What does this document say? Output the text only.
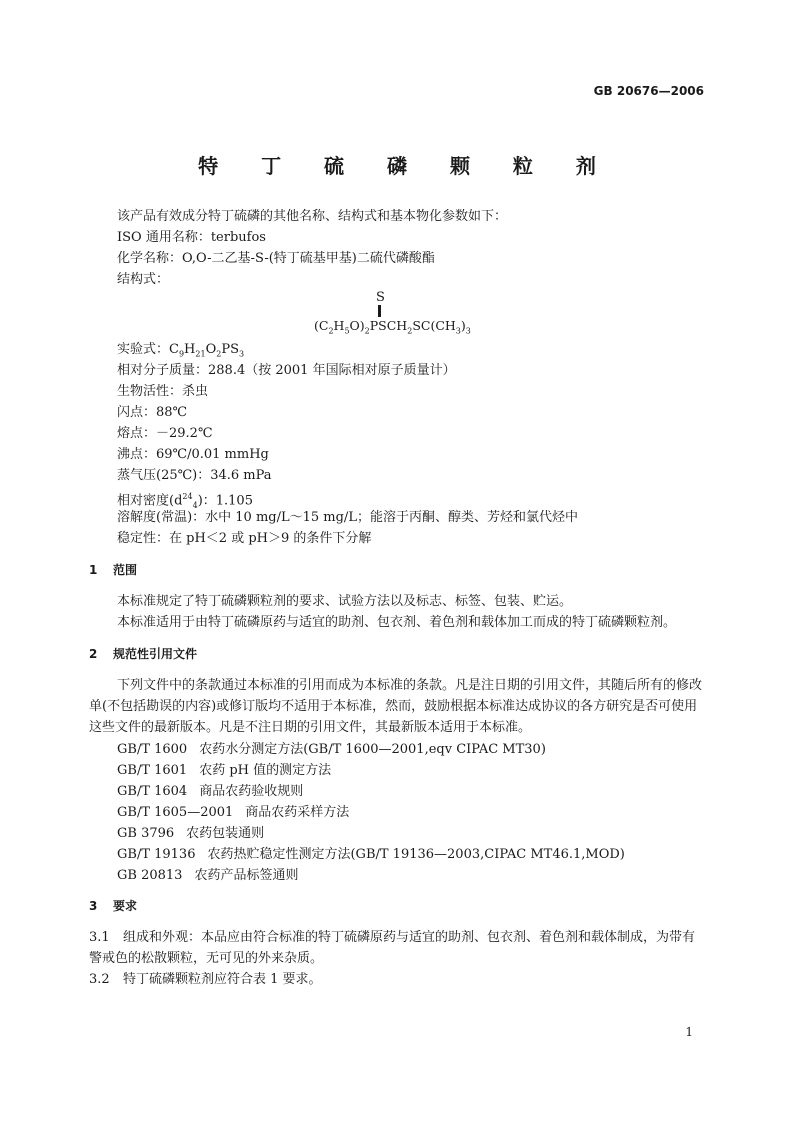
GB 20676—2006
特 丁 硫 磷 颗 粒 剂
该产品有效成分特丁硫磷的其他名称、结构式和基本物化参数如下：
ISO 通用名称：terbufos
化学名称：O,O-二乙基-S-(特丁硫基甲基)二硫代磷酸酯
结构式：
S
$(C_2H_5O)_2PSCH_2SC(CH_3)_3$
实验式：$C_9H_{21}O_2PS_3$
相对分子质量：288.4（按 2001 年国际相对原子质量计）
生物活性：杀虫
闪点：88℃
熔点：－29.2℃
沸点：69℃/0.01 mmHg
蒸气压(25℃)：34.6 mPa
相对密度$(d^{24}_4)$：1.105
溶解度(常温)：水中 10 mg/L～15 mg/L；能溶于丙酮、醇类、芳烃和氯代烃中
稳定性：在 pH＜2 或 pH＞9 的条件下分解
1 范围
本标准规定了特丁硫磷颗粒剂的要求、试验方法以及标志、标签、包装、贮运。
本标准适用于由特丁硫磷原药与适宜的助剂、包衣剂、着色剂和载体加工而成的特丁硫磷颗粒剂。
2 规范性引用文件
下列文件中的条款通过本标准的引用而成为本标准的条款。凡是注日期的引用文件，其随后所有的修改单(不包括勘误的内容)或修订版均不适用于本标准，然而，鼓励根据本标准达成协议的各方研究是否可使用这些文件的最新版本。凡是不注日期的引用文件，其最新版本适用于本标准。
GB/T 1600 农药水分测定方法(GB/T 1600—2001,eqv CIPAC MT30)
GB/T 1601 农药 pH 值的测定方法
GB/T 1604 商品农药验收规则
GB/T 1605—2001 商品农药采样方法
GB 3796 农药包装通则
GB/T 19136 农药热贮稳定性测定方法(GB/T 19136—2003,CIPAC MT46.1,MOD)
GB 20813 农药产品标签通则
3 要求
3.1 组成和外观：本品应由符合标准的特丁硫磷原药与适宜的助剂、包衣剂、着色剂和载体制成，为带有警戒色的松散颗粒，无可见的外来杂质。
3.2 特丁硫磷颗粒剂应符合表 1 要求。
1
